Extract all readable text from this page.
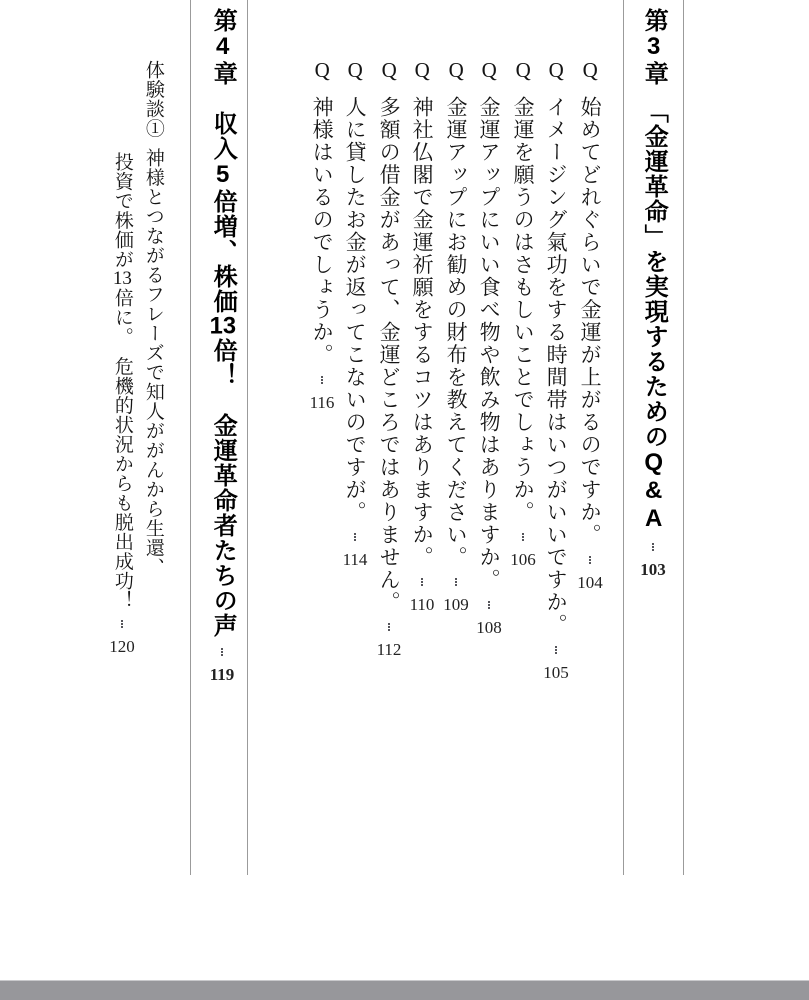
第3章　「金運革命」を実現するためのQ&A
103
Q
始めてどれぐらいで金運が上がるのですか。
104
Q
イメージング氣功をする時間帯はいつがいいですか。
105
Q
金運を願うのはさもしいことでしょうか。
106
Q
金運アップにいい食べ物や飲み物はありますか。
108
Q
金運アップにお勧めの財布を教えてください。
109
Q
神社仏閣で金運祈願をするコツはありますか。
110
Q
多額の借金があって、金運どころではありません。
112
Q
人に貸したお金が返ってこないのですが。
114
Q
神様はいるのでしょうか。
116
第4章　収入5倍増、株価13倍！　金運革命者たちの声
119
体験談①
神様とつながるフレーズで知人ががんから生還、
投資で株価が13倍に。　危機的状況からも脱出成功！
120
